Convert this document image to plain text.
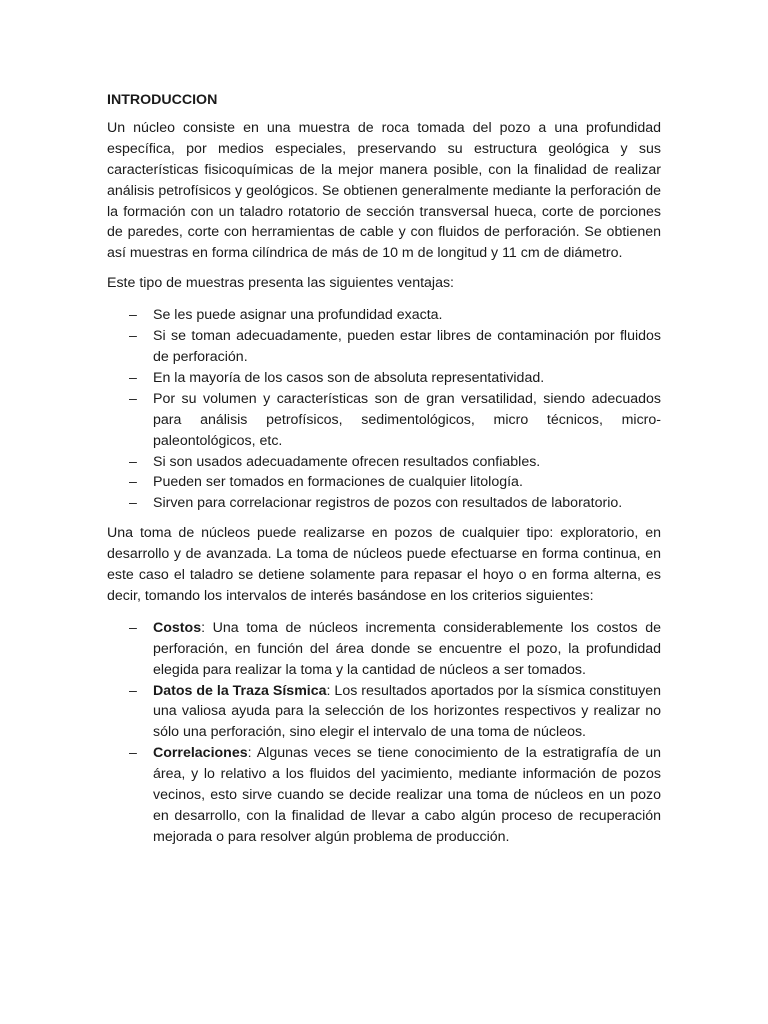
INTRODUCCION

Un núcleo consiste en una muestra de roca tomada del pozo a una profundidad específica, por medios especiales, preservando su estructura geológica y sus características fisicoquímicas de la mejor manera posible, con la finalidad de realizar análisis petrofísicos y geológicos. Se obtienen generalmente mediante la perforación de la formación con un taladro rotatorio de sección transversal hueca, corte de porciones de paredes, corte con herramientas de cable y con fluidos de perforación. Se obtienen así muestras en forma cilíndrica de más de 10 m de longitud y 11 cm de diámetro.

Este tipo de muestras presenta las siguientes ventajas:

– Se les puede asignar una profundidad exacta.
– Si se toman adecuadamente, pueden estar libres de contaminación por fluidos de perforación.
– En la mayoría de los casos son de absoluta representatividad.
– Por su volumen y características son de gran versatilidad, siendo adecuados para análisis petrofísicos, sedimentológicos, micro técnicos, micro-paleontológicos, etc.
– Si son usados adecuadamente ofrecen resultados confiables.
– Pueden ser tomados en formaciones de cualquier litología.
– Sirven para correlacionar registros de pozos con resultados de laboratorio.

Una toma de núcleos puede realizarse en pozos de cualquier tipo: exploratorio, en desarrollo y de avanzada. La toma de núcleos puede efectuarse en forma continua, en este caso el taladro se detiene solamente para repasar el hoyo o en forma alterna, es decir, tomando los intervalos de interés basándose en los criterios siguientes:

– Costos: Una toma de núcleos incrementa considerablemente los costos de perforación, en función del área donde se encuentre el pozo, la profundidad elegida para realizar la toma y la cantidad de núcleos a ser tomados.
– Datos de la Traza Sísmica: Los resultados aportados por la sísmica constituyen una valiosa ayuda para la selección de los horizontes respectivos y realizar no sólo una perforación, sino elegir el intervalo de una toma de núcleos.
– Correlaciones: Algunas veces se tiene conocimiento de la estratigrafía de un área, y lo relativo a los fluidos del yacimiento, mediante información de pozos vecinos, esto sirve cuando se decide realizar una toma de núcleos en un pozo en desarrollo, con la finalidad de llevar a cabo algún proceso de recuperación mejorada o para resolver algún problema de producción.
